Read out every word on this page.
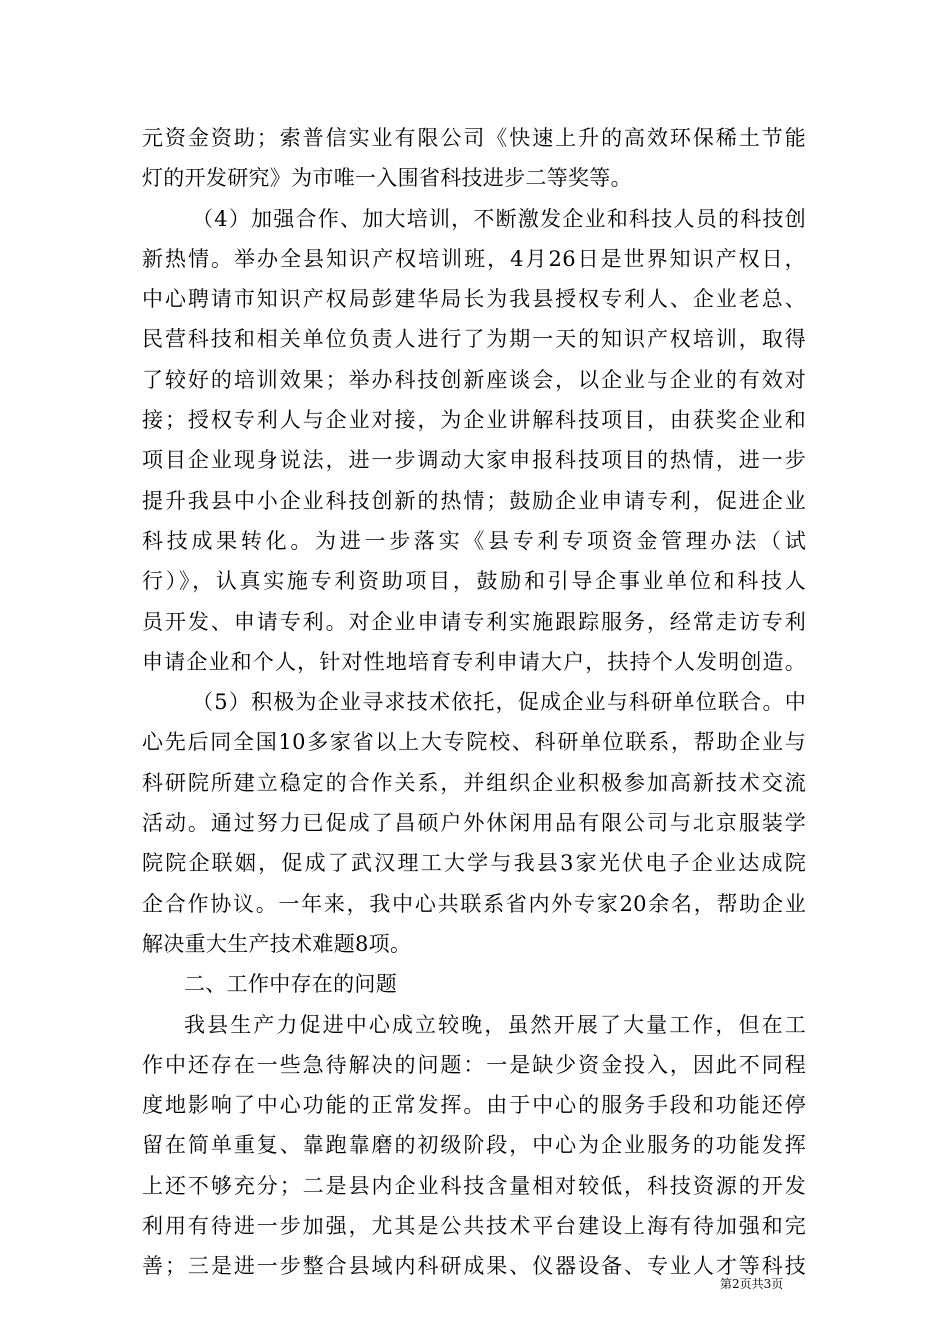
元资金资助；索普信实业有限公司《快速上升的高效环保稀土节能
灯的开发研究》为市唯一入围省科技进步二等奖等。
（4）加强合作、加大培训，不断激发企业和科技人员的科技创
新热情。举办全县知识产权培训班，4月26日是世界知识产权日，
中心聘请市知识产权局彭建华局长为我县授权专利人、企业老总、
民营科技和相关单位负责人进行了为期一天的知识产权培训，取得
了较好的培训效果；举办科技创新座谈会，以企业与企业的有效对
接；授权专利人与企业对接，为企业讲解科技项目，由获奖企业和
项目企业现身说法，进一步调动大家申报科技项目的热情，进一步
提升我县中小企业科技创新的热情；鼓励企业申请专利，促进企业
科技成果转化。为进一步落实《县专利专项资金管理办法（试
行）》，认真实施专利资助项目，鼓励和引导企事业单位和科技人
员开发、申请专利。对企业申请专利实施跟踪服务，经常走访专利
申请企业和个人，针对性地培育专利申请大户，扶持个人发明创造。
（5）积极为企业寻求技术依托，促成企业与科研单位联合。中
心先后同全国10多家省以上大专院校、科研单位联系，帮助企业与
科研院所建立稳定的合作关系，并组织企业积极参加高新技术交流
活动。通过努力已促成了昌硕户外休闲用品有限公司与北京服装学
院院企联姻，促成了武汉理工大学与我县3家光伏电子企业达成院
企合作协议。一年来，我中心共联系省内外专家20余名，帮助企业
解决重大生产技术难题8项。
二、工作中存在的问题
我县生产力促进中心成立较晚，虽然开展了大量工作，但在工
作中还存在一些急待解决的问题：一是缺少资金投入，因此不同程
度地影响了中心功能的正常发挥。由于中心的服务手段和功能还停
留在简单重复、靠跑靠磨的初级阶段，中心为企业服务的功能发挥
上还不够充分；二是县内企业科技含量相对较低，科技资源的开发
利用有待进一步加强，尤其是公共技术平台建设上海有待加强和完
善；三是进一步整合县域内科研成果、仪器设备、专业人才等科技
第2页共3页
